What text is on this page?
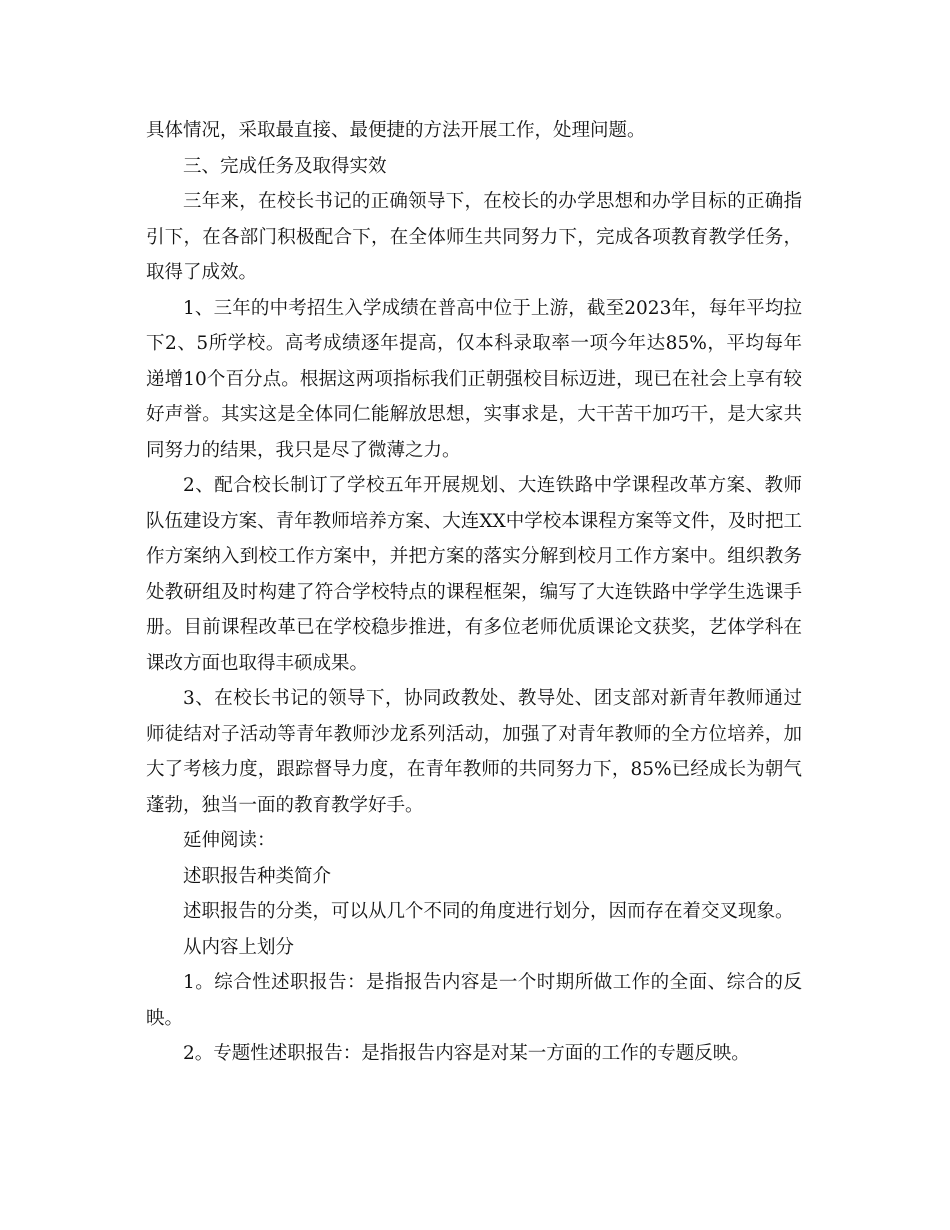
具体情况，采取最直接、最便捷的方法开展工作，处理问题。

三、完成任务及取得实效

三年来，在校长书记的正确领导下，在校长的办学思想和办学目标的正确指引下，在各部门积极配合下，在全体师生共同努力下，完成各项教育教学任务，取得了成效。

1、三年的中考招生入学成绩在普高中位于上游，截至2023年，每年平均拉下2、5所学校。高考成绩逐年提高，仅本科录取率一项今年达85%，平均每年递增10个百分点。根据这两项指标我们正朝强校目标迈进，现已在社会上享有较好声誉。其实这是全体同仁能解放思想，实事求是，大干苦干加巧干，是大家共同努力的结果，我只是尽了微薄之力。

2、配合校长制订了学校五年开展规划、大连铁路中学课程改革方案、教师队伍建设方案、青年教师培养方案、大连XX中学校本课程方案等文件，及时把工作方案纳入到校工作方案中，并把方案的落实分解到校月工作方案中。组织教务处教研组及时构建了符合学校特点的课程框架，编写了大连铁路中学学生选课手册。目前课程改革已在学校稳步推进，有多位老师优质课论文获奖，艺体学科在课改方面也取得丰硕成果。

3、在校长书记的领导下，协同政教处、教导处、团支部对新青年教师通过师徒结对子活动等青年教师沙龙系列活动，加强了对青年教师的全方位培养，加大了考核力度，跟踪督导力度，在青年教师的共同努力下，85%已经成长为朝气蓬勃，独当一面的教育教学好手。

延伸阅读：

述职报告种类简介

述职报告的分类，可以从几个不同的角度进行划分，因而存在着交叉现象。

从内容上划分

1。综合性述职报告：是指报告内容是一个时期所做工作的全面、综合的反映。

2。专题性述职报告：是指报告内容是对某一方面的工作的专题反映。
